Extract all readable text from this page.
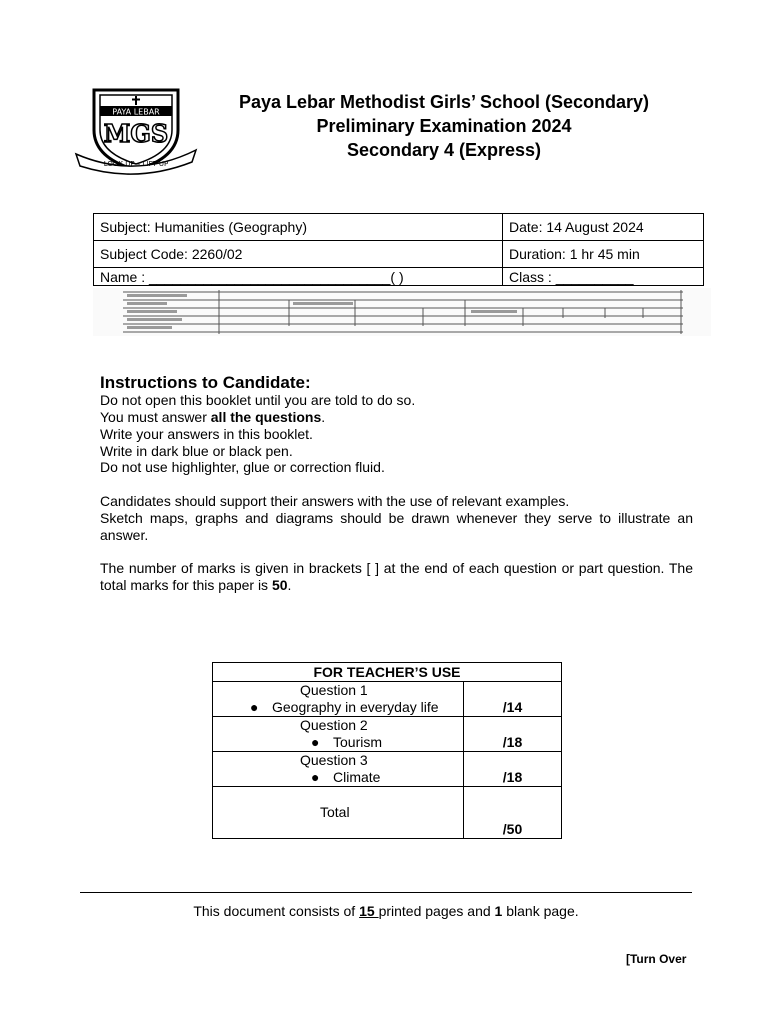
PAYA LEBAR
MGS
LOOK UP – LIFT UP
Paya Lebar Methodist Girls’ School (Secondary)
Preliminary Examination 2024
Secondary 4 (Express)
Subject: Humanities (Geography)	Date: 14 August 2024
Subject Code: 2260/02	Duration: 1 hr 45 min
Name : _______________________________( )	Class : __________
Instructions to Candidate:
Do not open this booklet until you are told to do so.
You must answer all the questions.
Write your answers in this booklet.
Write in dark blue or black pen.
Do not use highlighter, glue or correction fluid.
Candidates should support their answers with the use of relevant examples.
Sketch maps, graphs and diagrams should be drawn whenever they serve to illustrate an answer.
The number of marks is given in brackets [ ] at the end of each question or part question. The total marks for this paper is 50.
FOR TEACHER’S USE	

Question 1
● Geography in everyday life	/14

Question 2
● Tourism	/18

Question 3
● Climate	/18

Total	/50
This document consists of 15 printed pages and 1 blank page.
[Turn Over
